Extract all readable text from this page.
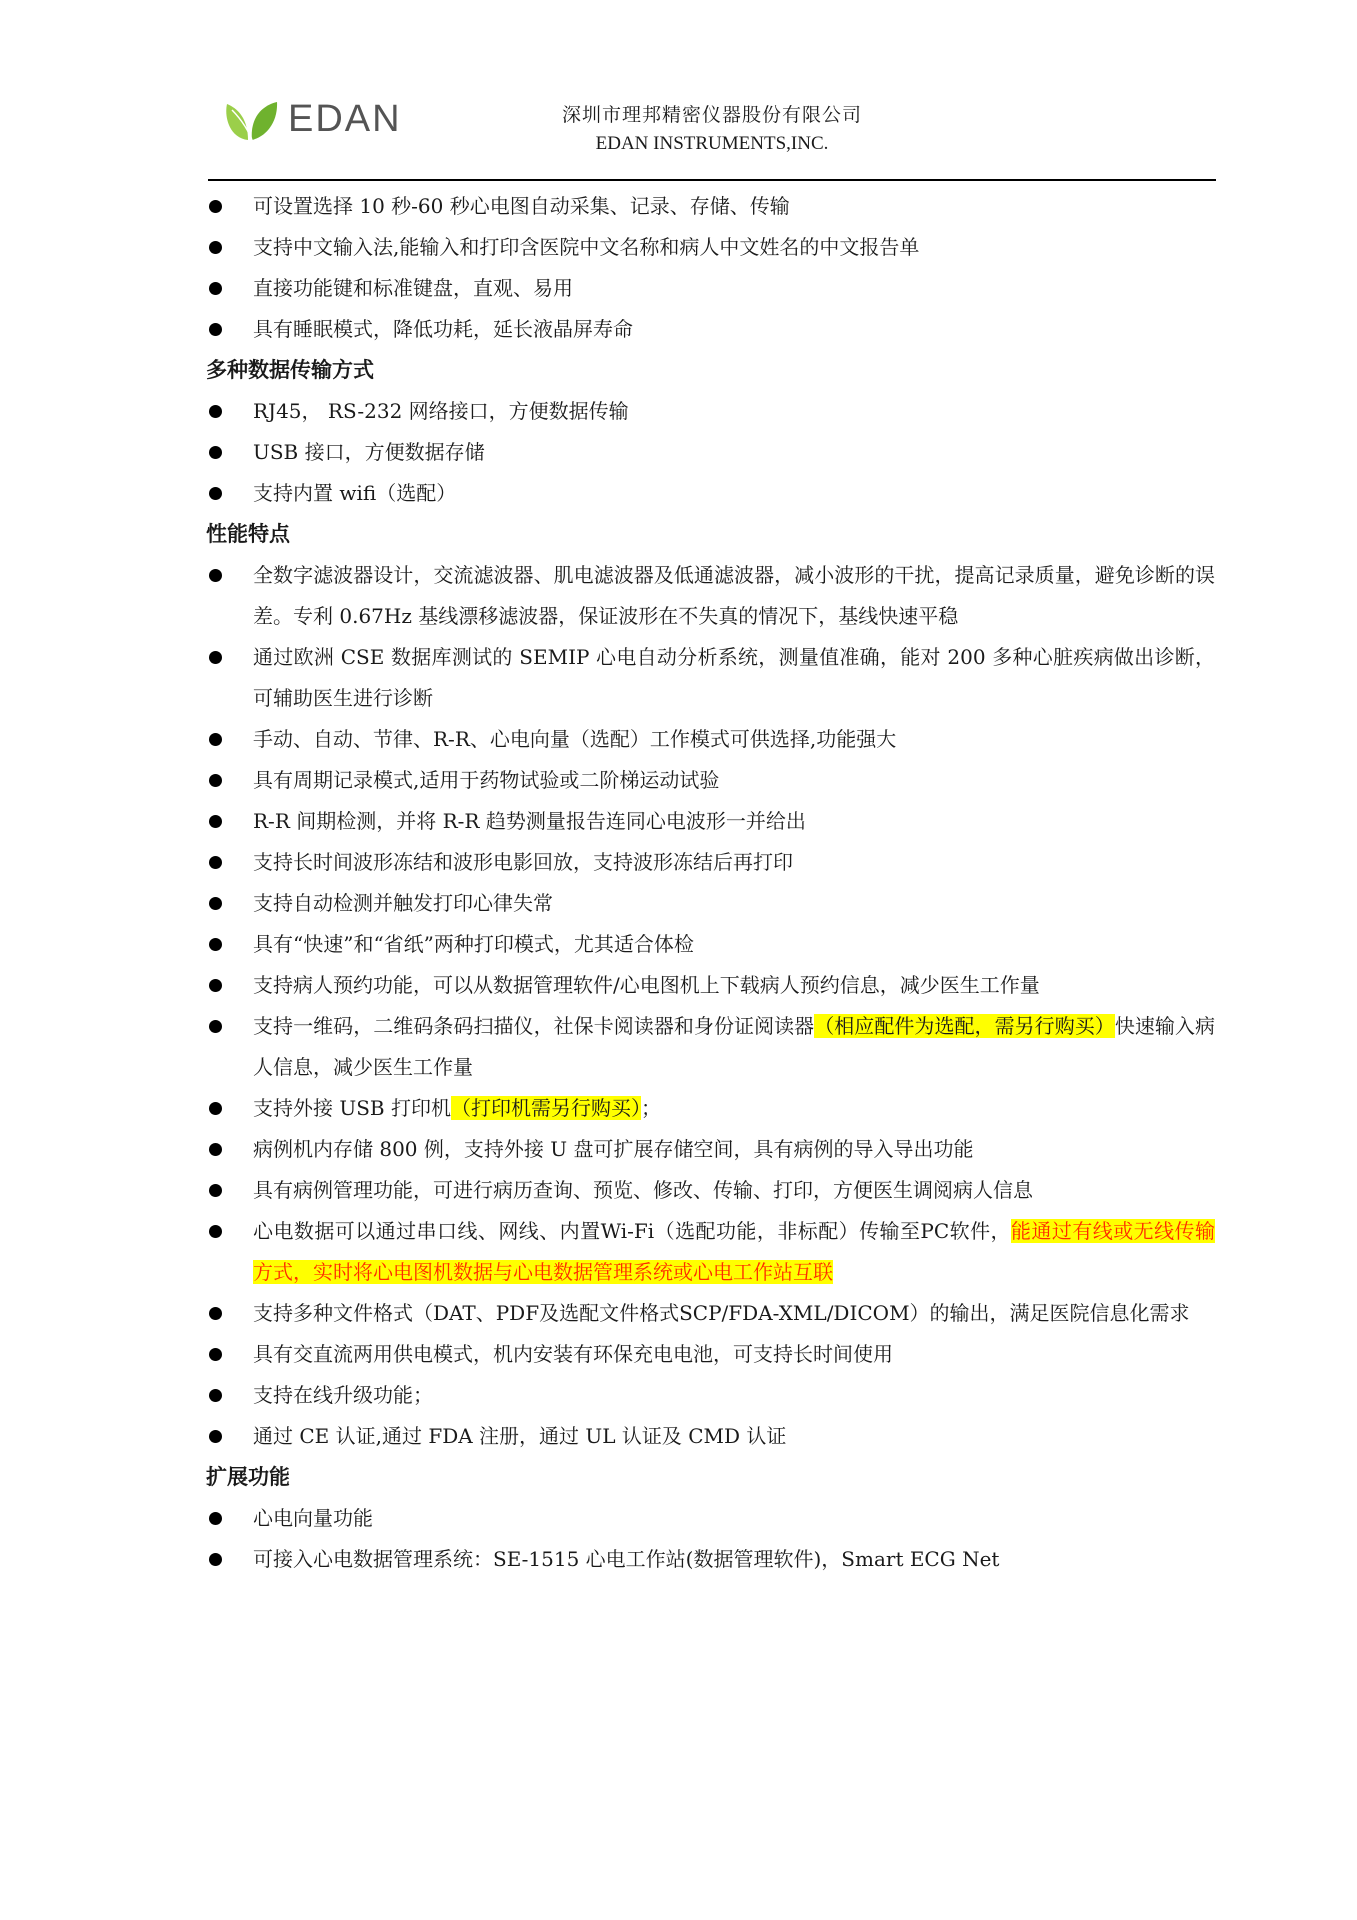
EDAN	深圳市理邦精密仪器股份有限公司
EDAN INSTRUMENTS,INC.
可设置选择 10 秒-60 秒心电图自动采集、记录、存储、传输
支持中文输入法,能输入和打印含医院中文名称和病人中文姓名的中文报告单
直接功能键和标准键盘，直观、易用
具有睡眠模式，降低功耗，延长液晶屏寿命
多种数据传输方式
RJ45， RS-232 网络接口，方便数据传输
USB 接口，方便数据存储
支持内置 wifi（选配）
性能特点
全数字滤波器设计，交流滤波器、肌电滤波器及低通滤波器，减小波形的干扰，提高记录质量，避免诊断的误差。专利 0.67Hz 基线漂移滤波器，保证波形在不失真的情况下，基线快速平稳
通过欧洲 CSE 数据库测试的 SEMIP 心电自动分析系统，测量值准确，能对 200 多种心脏疾病做出诊断，可辅助医生进行诊断
手动、自动、节律、R-R、心电向量（选配）工作模式可供选择,功能强大
具有周期记录模式,适用于药物试验或二阶梯运动试验
R-R 间期检测，并将 R-R 趋势测量报告连同心电波形一并给出
支持长时间波形冻结和波形电影回放，支持波形冻结后再打印
支持自动检测并触发打印心律失常
具有“快速”和“省纸”两种打印模式，尤其适合体检
支持病人预约功能，可以从数据管理软件/心电图机上下载病人预约信息，减少医生工作量
支持一维码，二维码条码扫描仪，社保卡阅读器和身份证阅读器（相应配件为选配，需另行购买）快速输入病人信息，减少医生工作量
支持外接 USB 打印机（打印机需另行购买）；
病例机内存储 800 例，支持外接 U 盘可扩展存储空间，具有病例的导入导出功能
具有病例管理功能，可进行病历查询、预览、修改、传输、打印，方便医生调阅病人信息
心电数据可以通过串口线、网线、内置Wi-Fi（选配功能，非标配）传输至PC软件，能通过有线或无线传输方式，实时将心电图机数据与心电数据管理系统或心电工作站互联
支持多种文件格式（DAT、PDF及选配文件格式SCP/FDA-XML/DICOM）的输出，满足医院信息化需求
具有交直流两用供电模式，机内安装有环保充电电池，可支持长时间使用
支持在线升级功能；
通过 CE 认证,通过 FDA 注册，通过 UL 认证及 CMD 认证
扩展功能
心电向量功能
可接入心电数据管理系统：SE-1515 心电工作站(数据管理软件)，Smart ECG Net
